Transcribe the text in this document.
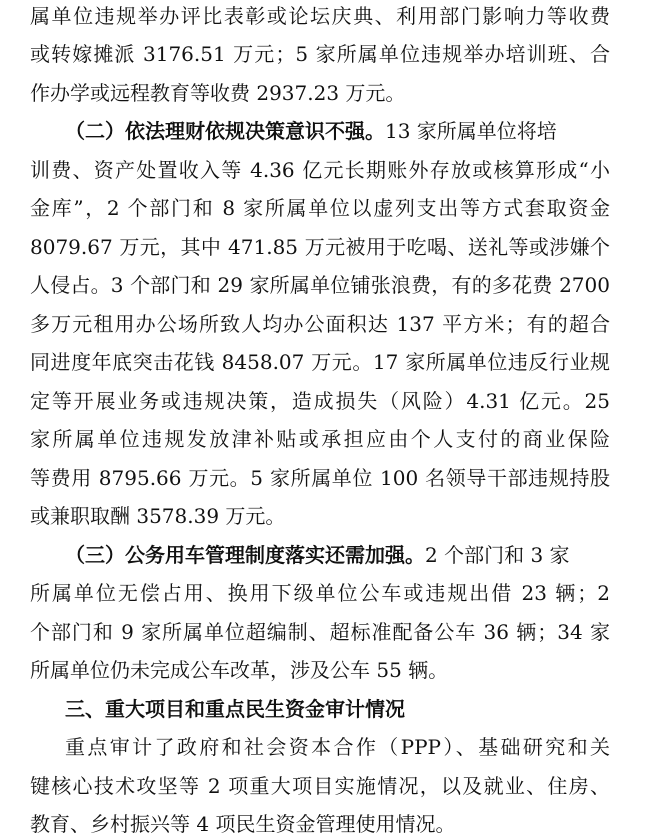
属单位违规举办评比表彰或论坛庆典、利用部门影响力等收费
或转嫁摊派 3176.51 万元；5 家所属单位违规举办培训班、合
作办学或远程教育等收费 2937.23 万元。
（二）依法理财依规决策意识不强。13 家所属单位将培
训费、资产处置收入等 4.36 亿元长期账外存放或核算形成“小
金库”，2 个部门和 8 家所属单位以虚列支出等方式套取资金
8079.67 万元，其中 471.85 万元被用于吃喝、送礼等或涉嫌个
人侵占。3 个部门和 29 家所属单位铺张浪费，有的多花费 2700
多万元租用办公场所致人均办公面积达 137 平方米；有的超合
同进度年底突击花钱 8458.07 万元。17 家所属单位违反行业规
定等开展业务或违规决策，造成损失（风险）4.31 亿元。25
家所属单位违规发放津补贴或承担应由个人支付的商业保险
等费用 8795.66 万元。5 家所属单位 100 名领导干部违规持股
或兼职取酬 3578.39 万元。
（三）公务用车管理制度落实还需加强。2 个部门和 3 家
所属单位无偿占用、换用下级单位公车或违规出借 23 辆；2
个部门和 9 家所属单位超编制、超标准配备公车 36 辆；34 家
所属单位仍未完成公车改革，涉及公车 55 辆。
三、重大项目和重点民生资金审计情况
重点审计了政府和社会资本合作（PPP）、基础研究和关
键核心技术攻坚等 2 项重大项目实施情况，以及就业、住房、
教育、乡村振兴等 4 项民生资金管理使用情况。
